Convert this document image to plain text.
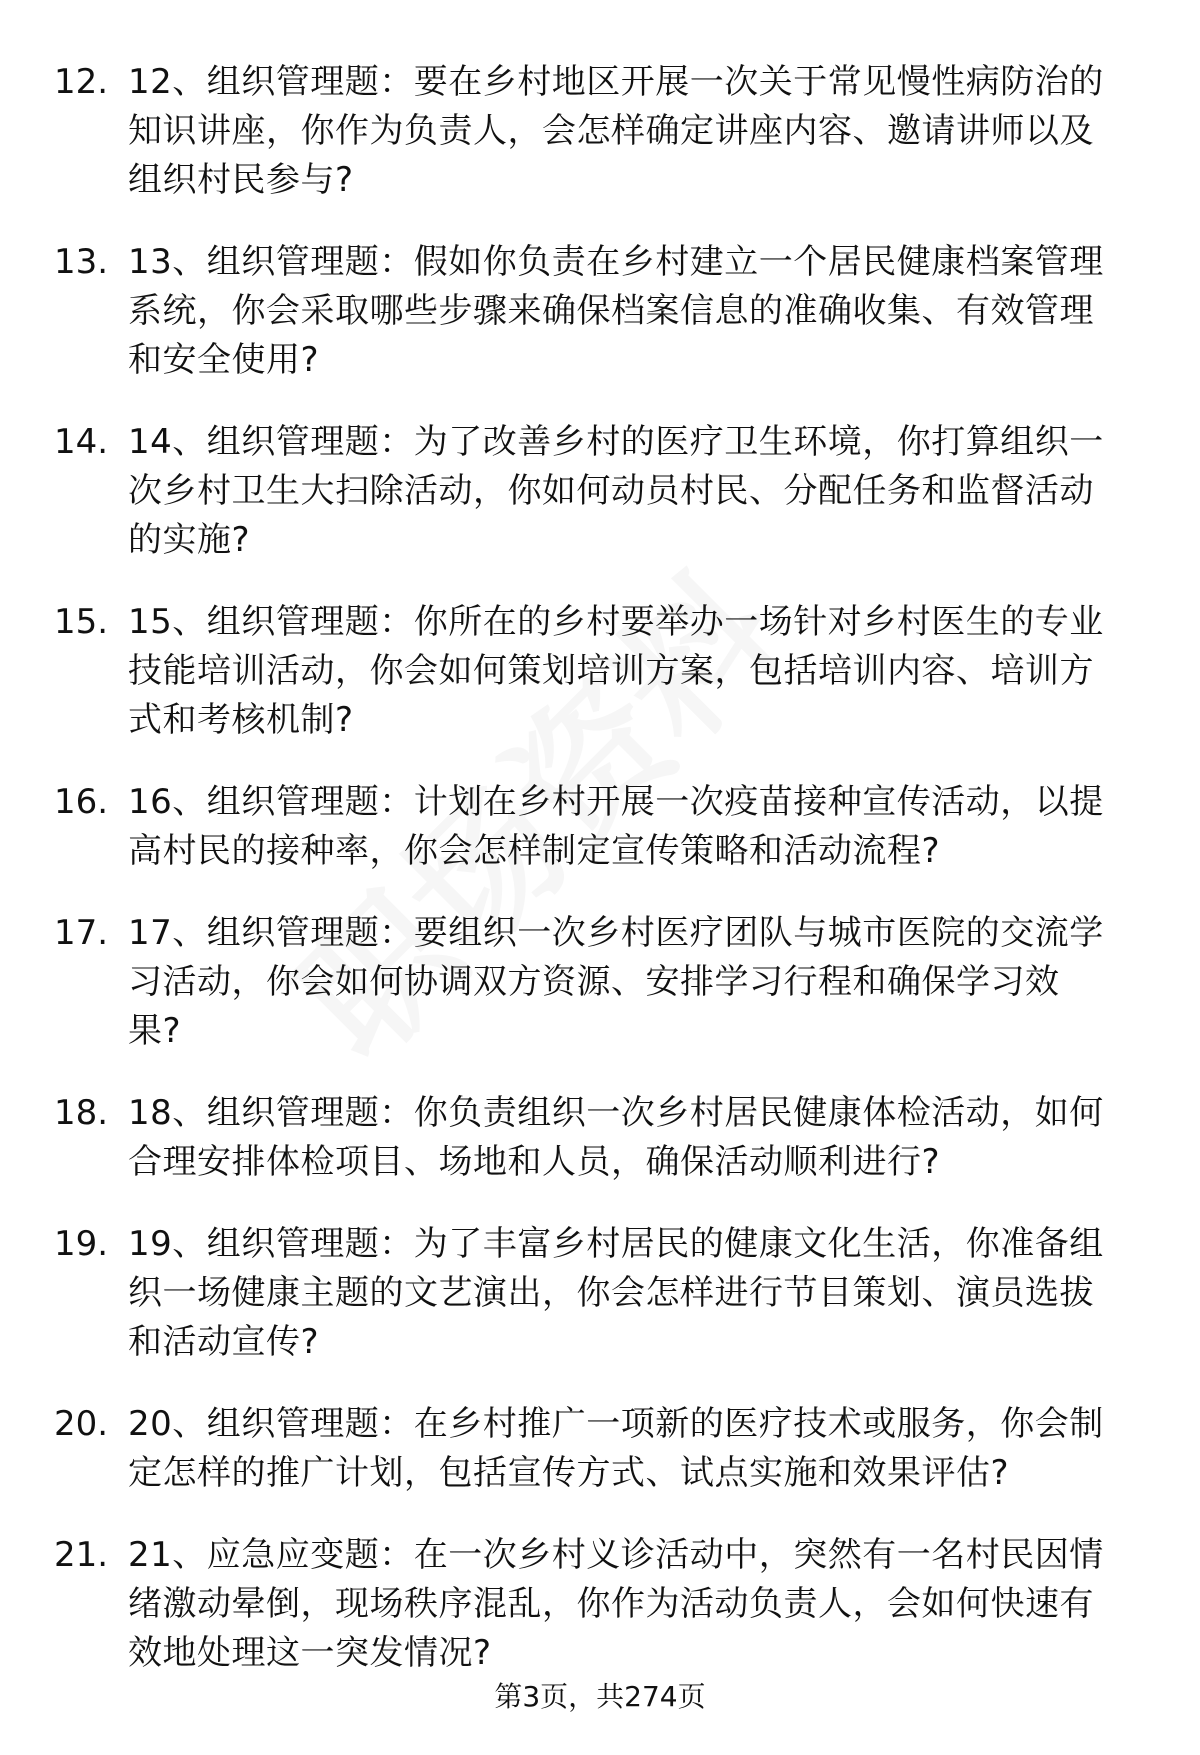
12. 12、组织管理题：要在乡村地区开展一次关于常见慢性病防治的
知识讲座，你作为负责人，会怎样确定讲座内容、邀请讲师以及
组织村民参与?
13. 13、组织管理题：假如你负责在乡村建立一个居民健康档案管理
系统，你会采取哪些步骤来确保档案信息的准确收集、有效管理
和安全使用?
14. 14、组织管理题：为了改善乡村的医疗卫生环境，你打算组织一
次乡村卫生大扫除活动，你如何动员村民、分配任务和监督活动
的实施?
15. 15、组织管理题：你所在的乡村要举办一场针对乡村医生的专业
技能培训活动，你会如何策划培训方案，包括培训内容、培训方
式和考核机制?
16. 16、组织管理题：计划在乡村开展一次疫苗接种宣传活动，以提
高村民的接种率，你会怎样制定宣传策略和活动流程?
17. 17、组织管理题：要组织一次乡村医疗团队与城市医院的交流学
习活动，你会如何协调双方资源、安排学习行程和确保学习效
果?
18. 18、组织管理题：你负责组织一次乡村居民健康体检活动，如何
合理安排体检项目、场地和人员，确保活动顺利进行?
19. 19、组织管理题：为了丰富乡村居民的健康文化生活，你准备组
织一场健康主题的文艺演出，你会怎样进行节目策划、演员选拔
和活动宣传?
20. 20、组织管理题：在乡村推广一项新的医疗技术或服务，你会制
定怎样的推广计划，包括宣传方式、试点实施和效果评估?
21. 21、应急应变题：在一次乡村义诊活动中，突然有一名村民因情
绪激动晕倒，现场秩序混乱，你作为活动负责人，会如何快速有
效地处理这一突发情况?
第3页，共274页
